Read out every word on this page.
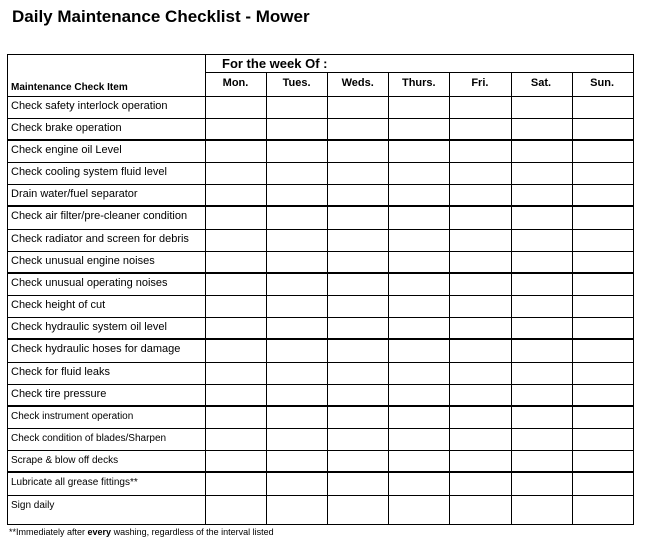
Daily Maintenance Checklist - Mower
Maintenance Check Item
For the week Of :
Mon.	Tues.	Weds.	Thurs.	Fri.	Sat.	Sun.
Check safety interlock operation
Check brake operation
Check engine oil Level
Check cooling system fluid level
Drain water/fuel separator
Check air filter/pre-cleaner condition
Check radiator and screen for debris
Check unusual engine noises
Check unusual operating noises
Check height of cut
Check hydraulic system oil level
Check hydraulic hoses for damage
Check for fluid leaks
Check tire pressure
Check instrument operation
Check condition of blades/Sharpen
Scrape & blow off decks
Lubricate all grease fittings**
Sign daily
**Immediately after every washing, regardless of the interval listed
